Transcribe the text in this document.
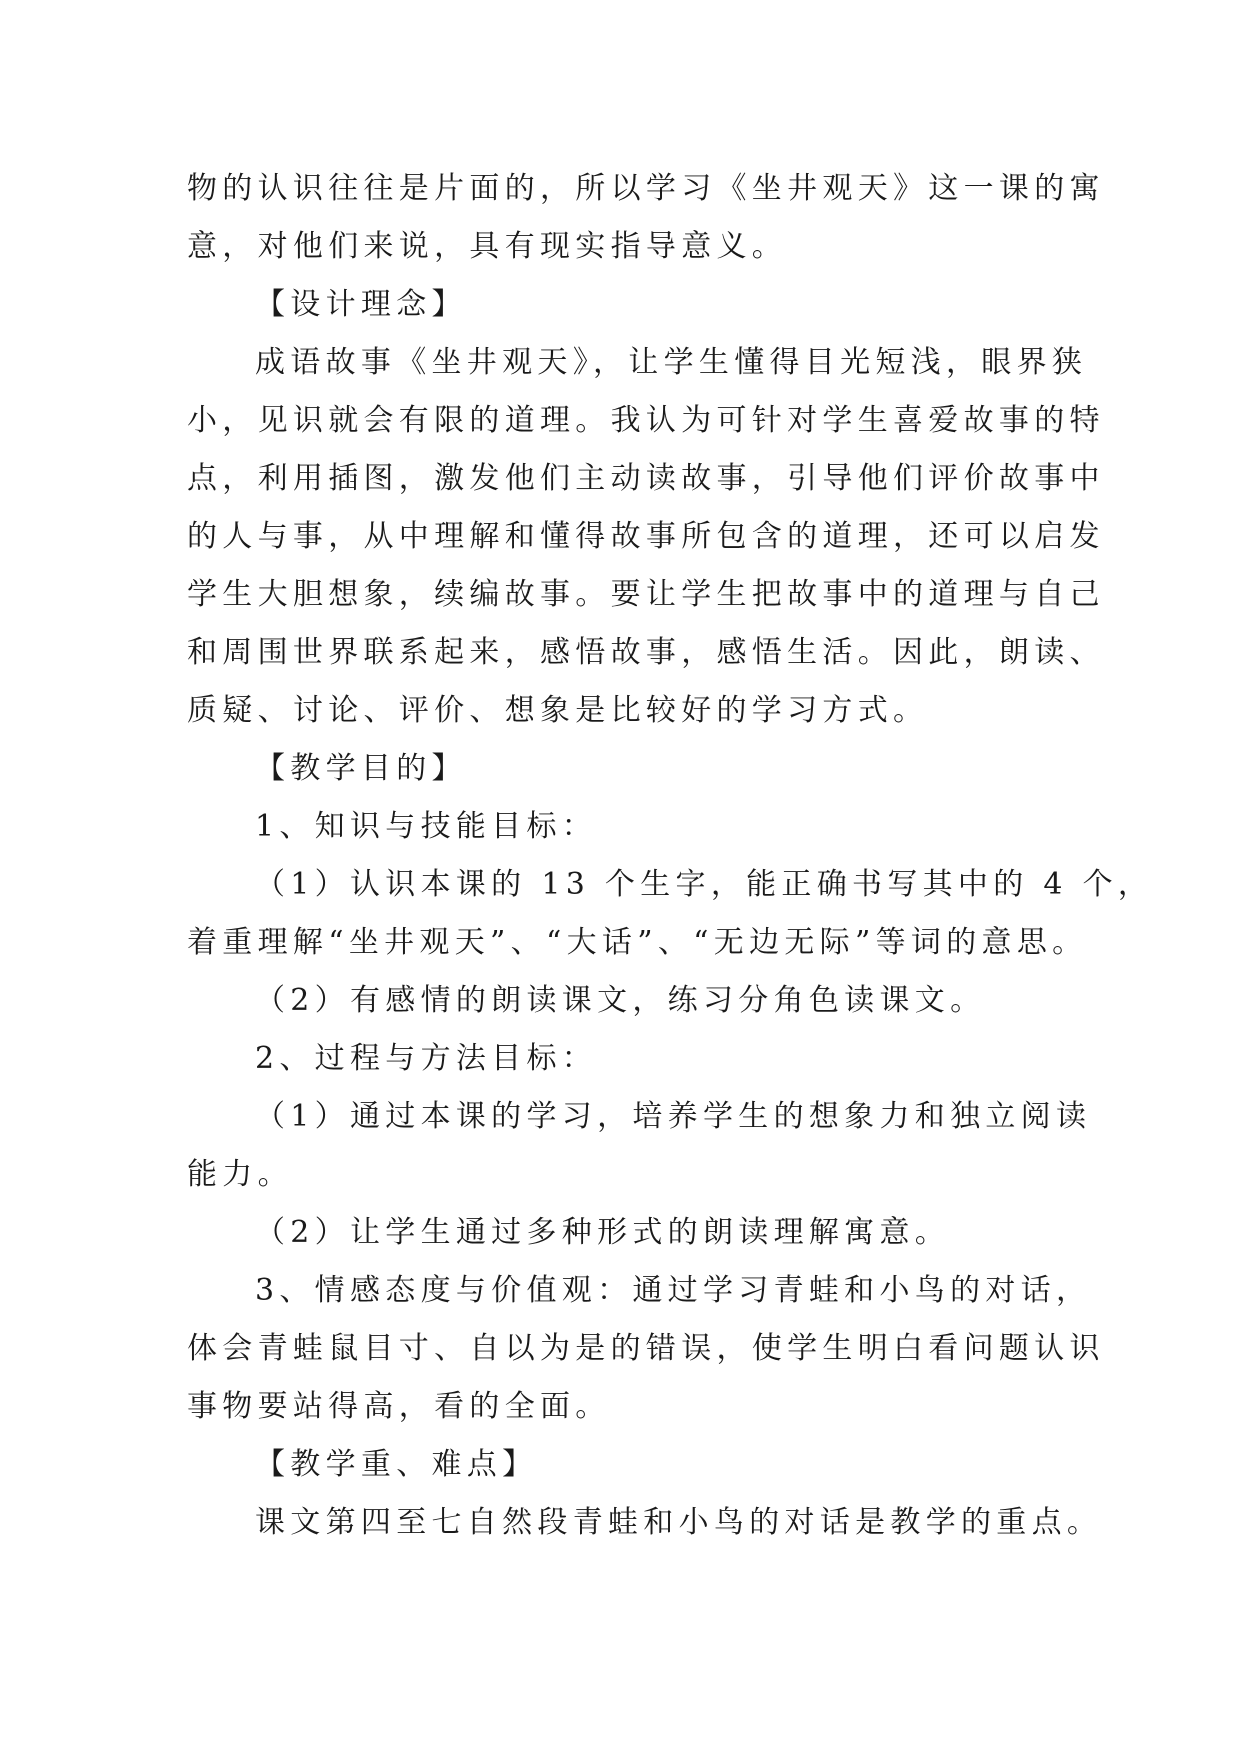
物的认识往往是片面的，所以学习《坐井观天》这一课的寓
意，对他们来说，具有现实指导意义。
【设计理念】
成语故事《坐井观天》，让学生懂得目光短浅，眼界狭
小，见识就会有限的道理。我认为可针对学生喜爱故事的特
点，利用插图，激发他们主动读故事，引导他们评价故事中
的人与事，从中理解和懂得故事所包含的道理，还可以启发
学生大胆想象，续编故事。要让学生把故事中的道理与自己
和周围世界联系起来，感悟故事，感悟生活。因此，朗读、
质疑、讨论、评价、想象是比较好的学习方式。
【教学目的】
1、知识与技能目标：
（1）认识本课的 13 个生字，能正确书写其中的 4 个，
着重理解“坐井观天”、“大话”、“无边无际”等词的意思。
（2）有感情的朗读课文，练习分角色读课文。
2、过程与方法目标：
（1）通过本课的学习，培养学生的想象力和独立阅读
能力。
（2）让学生通过多种形式的朗读理解寓意。
3、情感态度与价值观：通过学习青蛙和小鸟的对话，
体会青蛙鼠目寸、自以为是的错误，使学生明白看问题认识
事物要站得高，看的全面。
【教学重、难点】
课文第四至七自然段青蛙和小鸟的对话是教学的重点。
